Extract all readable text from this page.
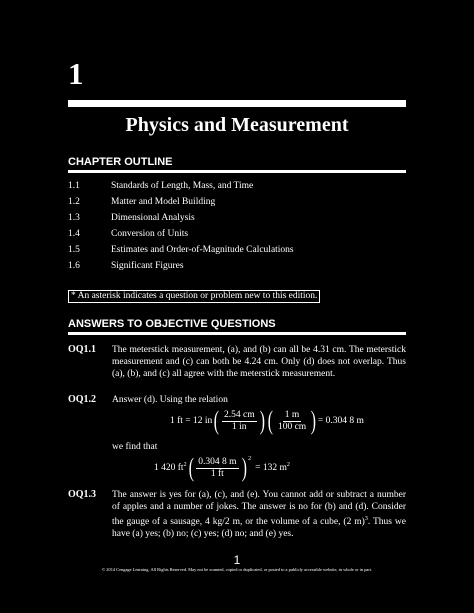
1
Physics and Measurement
CHAPTER OUTLINE
1.1	Standards of Length, Mass, and Time
1.2	Matter and Model Building
1.3	Dimensional Analysis
1.4	Conversion of Units
1.5	Estimates and Order-of-Magnitude Calculations
1.6	Significant Figures
* An asterisk indicates a question or problem new to this edition.
ANSWERS TO OBJECTIVE QUESTIONS
OQ1.1 The meterstick measurement, (a), and (b) can all be 4.31 cm. The meterstick measurement and (c) can both be 4.24 cm. Only (d) does not overlap. Thus (a), (b), and (c) all agree with the meterstick measurement.
OQ1.2 Answer (d). Using the relation
1 ft = 12 in ( $\frac{2.54 cm}{1 in}$ ) ( $\frac{1 m}{100 cm}$ ) = 0.304 8 m
we find that
1 420 $ft^2$ ( $\frac{0.304 8 m}{1 ft}$ ) $^2$
= 132 $m^2$
OQ1.3 The answer is yes for (a), (c), and (e). You cannot add or subtract a number of apples and a number of jokes. The answer is no for (b) and (d). Consider the gauge of a sausage, 4 kg/2 m, or the volume of a cube, (2 m)$^3$. Thus we have (a) yes; (b) no; (c) yes; (d) no; and (e) yes.
1
© 2014 Cengage Learning. All Rights Reserved. May not be scanned, copied or duplicated, or posted to a publicly accessible website, in whole or in part.
